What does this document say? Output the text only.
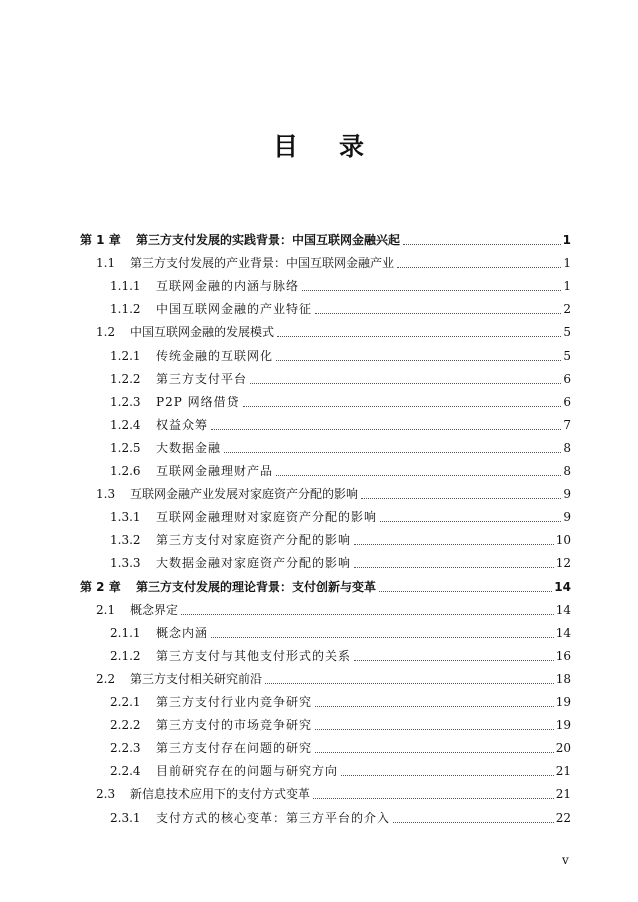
目 录
第 1 章	第三方支付发展的实践背景：中国互联网金融兴起	1
1.1	第三方支付发展的产业背景：中国互联网金融产业	1
1.1.1	互联网金融的内涵与脉络	1
1.1.2	中国互联网金融的产业特征	2
1.2	中国互联网金融的发展模式	5
1.2.1	传统金融的互联网化	5
1.2.2	第三方支付平台	6
1.2.3	P2P 网络借贷	6
1.2.4	权益众筹	7
1.2.5	大数据金融	8
1.2.6	互联网金融理财产品	8
1.3	互联网金融产业发展对家庭资产分配的影响	9
1.3.1	互联网金融理财对家庭资产分配的影响	9
1.3.2	第三方支付对家庭资产分配的影响	10
1.3.3	大数据金融对家庭资产分配的影响	12
第 2 章	第三方支付发展的理论背景：支付创新与变革	14
2.1	概念界定	14
2.1.1	概念内涵	14
2.1.2	第三方支付与其他支付形式的关系	16
2.2	第三方支付相关研究前沿	18
2.2.1	第三方支付行业内竞争研究	19
2.2.2	第三方支付的市场竞争研究	19
2.2.3	第三方支付存在问题的研究	20
2.2.4	目前研究存在的问题与研究方向	21
2.3	新信息技术应用下的支付方式变革	21
2.3.1	支付方式的核心变革：第三方平台的介入	22
v
